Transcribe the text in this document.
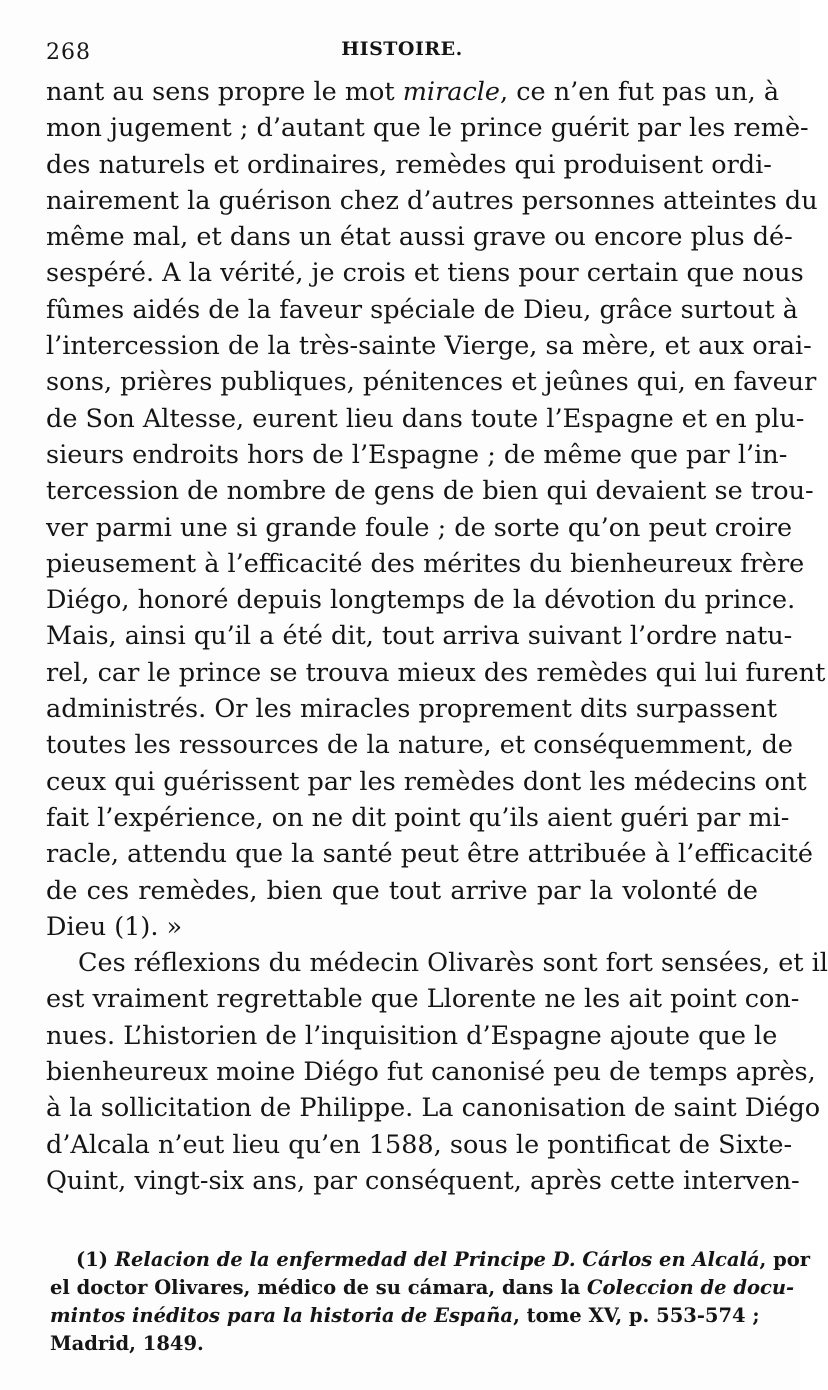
268	HISTOIRE.
nant au sens propre le mot miracle, ce n’en fut pas un, à
mon jugement ; d’autant que le prince guérit par les remè-
des naturels et ordinaires, remèdes qui produisent ordi-
nairement la guérison chez d’autres personnes atteintes du
même mal, et dans un état aussi grave ou encore plus dé-
sespéré. A la vérité, je crois et tiens pour certain que nous
fûmes aidés de la faveur spéciale de Dieu, grâce surtout à
l’intercession de la très-sainte Vierge, sa mère, et aux orai-
sons, prières publiques, pénitences et jeûnes qui, en faveur
de Son Altesse, eurent lieu dans toute l’Espagne et en plu-
sieurs endroits hors de l’Espagne ; de même que par l’in-
tercession de nombre de gens de bien qui devaient se trou-
ver parmi une si grande foule ; de sorte qu’on peut croire
pieusement à l’efficacité des mérites du bienheureux frère
Diégo, honoré depuis longtemps de la dévotion du prince.
Mais, ainsi qu’il a été dit, tout arriva suivant l’ordre natu-
rel, car le prince se trouva mieux des remèdes qui lui furent
administrés. Or les miracles proprement dits surpassent
toutes les ressources de la nature, et conséquemment, de
ceux qui guérissent par les remèdes dont les médecins ont
fait l’expérience, on ne dit point qu’ils aient guéri par mi-
racle, attendu que la santé peut être attribuée à l’efficacité
de ces remèdes, bien que tout arrive par la volonté de
Dieu (1). »
Ces réflexions du médecin Olivarès sont fort sensées, et il
est vraiment regrettable que Llorente ne les ait point con-
nues. L’historien de l’inquisition d’Espagne ajoute que le
bienheureux moine Diégo fut canonisé peu de temps après,
à la sollicitation de Philippe. La canonisation de saint Diégo
d’Alcala n’eut lieu qu’en 1588, sous le pontificat de Sixte-
Quint, vingt-six ans, par conséquent, après cette interven-
(1) Relacion de la enfermedad del Principe D. Cárlos en Alcalá, por
el doctor Olivares, médico de su cámara, dans la Coleccion de docu-
mintos inéditos para la historia de España, tome XV, p. 553-574 ;
Madrid, 1849.
